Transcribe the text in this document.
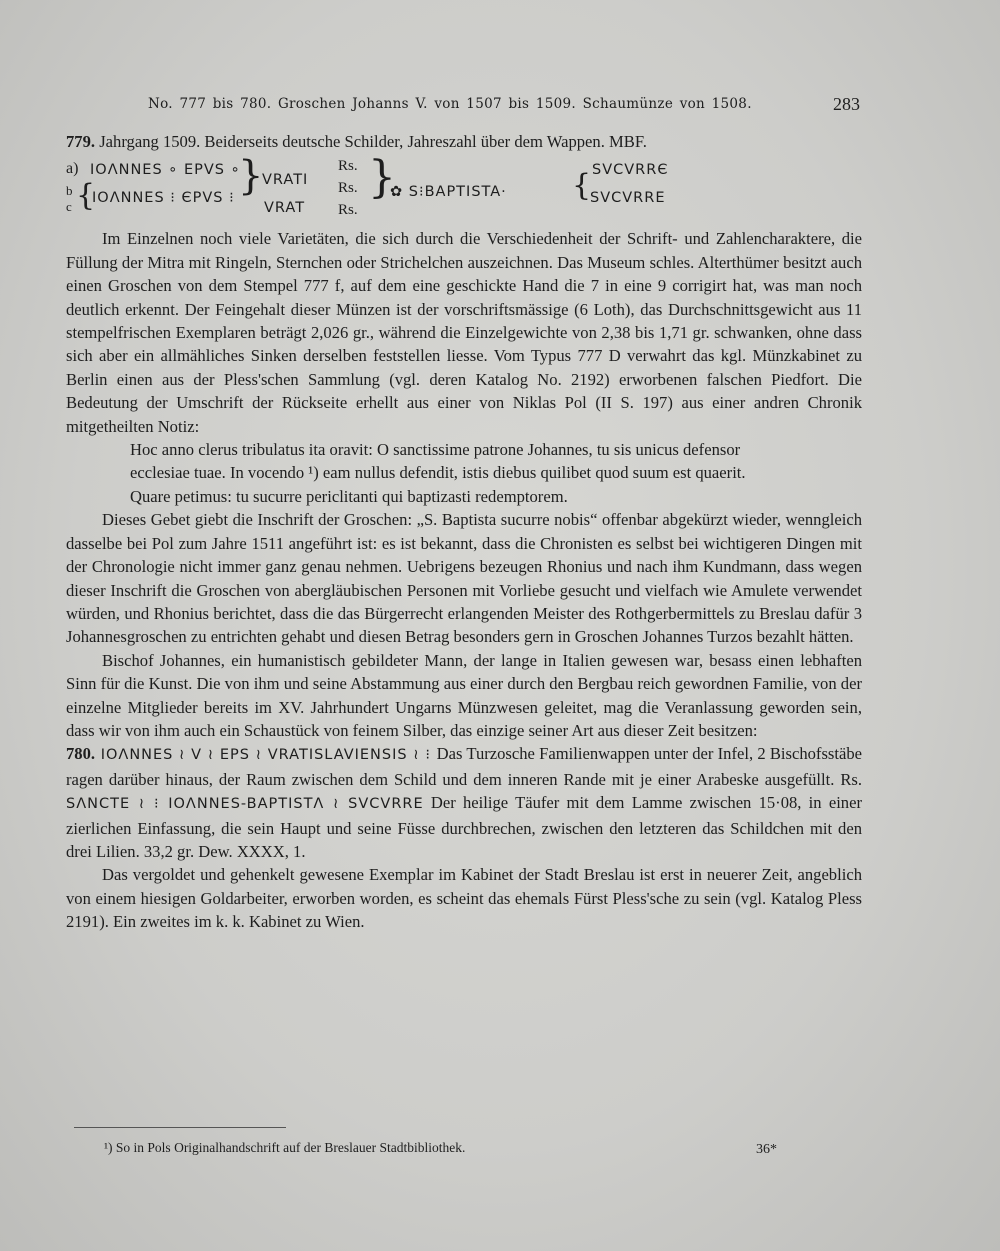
No. 777 bis 780. Groschen Johanns V. von 1507 bis 1509. Schaumünze von 1508.	283

779. Jahrgang 1509. Beiderseits deutsche Schilder, Jahreszahl über dem Wappen. MBF.

a)
b
c {
IOΛNNΕS ∘ ΕPVS ∘
IOΛNNES ⁝ ЄPVS ⁝ }
VRATI
VRAT
Rs.
Rs.
Rs.
}
✿ S⁝BAPTISTA· { SVCVRRЄ
SVCVRRE

Im Einzelnen noch viele Varietäten, die sich durch die Verschiedenheit der Schrift- und Zahlencharaktere, die Füllung der Mitra mit Ringeln, Sternchen oder Strichelchen auszeichnen. Das Museum schles. Alterthümer besitzt auch einen Groschen von dem Stempel 777 f, auf dem eine geschickte Hand die 7 in eine 9 corrigirt hat, was man noch deutlich erkennt. Der Feingehalt dieser Münzen ist der vorschriftsmässige (6 Loth), das Durchschnittsgewicht aus 11 stempelfrischen Exemplaren beträgt 2,026 gr., während die Einzelgewichte von 2,38 bis 1,71 gr. schwanken, ohne dass sich aber ein allmähliches Sinken derselben feststellen liesse. Vom Typus 777 D verwahrt das kgl. Münzkabinet zu Berlin einen aus der Pless'schen Sammlung (vgl. deren Katalog No. 2192) erworbenen falschen Piedfort. Die Bedeutung der Umschrift der Rückseite erhellt aus einer von Niklas Pol (II S. 197) aus einer andren Chronik mitgetheilten Notiz:

Hoc anno clerus tribulatus ita oravit: O sanctissime patrone Johannes, tu sis unicus defensor

ecclesiae tuae. In vocendo ¹) eam nullus defendit, istis diebus quilibet quod suum est quaerit.

Quare petimus: tu sucurre periclitanti qui baptizasti redemptorem.

Dieses Gebet giebt die Inschrift der Groschen: „S. Baptista sucurre nobis“ offenbar abgekürzt wieder, wenngleich dasselbe bei Pol zum Jahre 1511 angeführt ist: es ist bekannt, dass die Chronisten es selbst bei wichtigeren Dingen mit der Chronologie nicht immer ganz genau nehmen. Uebrigens bezeugen Rhonius und nach ihm Kundmann, dass wegen dieser Inschrift die Groschen von abergläubischen Personen mit Vorliebe gesucht und vielfach wie Amulete verwendet würden, und Rhonius berichtet, dass die das Bürgerrecht erlangenden Meister des Rothgerbermittels zu Breslau dafür 3 Johannesgroschen zu entrichten gehabt und diesen Betrag besonders gern in Groschen Johannes Turzos bezahlt hätten.

Bischof Johannes, ein humanistisch gebildeter Mann, der lange in Italien gewesen war, besass einen lebhaften Sinn für die Kunst. Die von ihm und seine Abstammung aus einer durch den Bergbau reich gewordnen Familie, von der einzelne Mitglieder bereits im XV. Jahrhundert Ungarns Münzwesen geleitet, mag die Veranlassung geworden sein, dass wir von ihm auch ein Schaustück von feinem Silber, das einzige seiner Art aus dieser Zeit besitzen:

780. IOΛNNES ≀ V ≀ EPS ≀ VRATISLAVIENSIS ≀ ⁝ Das Turzosche Familienwappen unter der Infel, 2 Bischofsstäbe ragen darüber hinaus, der Raum zwischen dem Schild und dem inneren Rande mit je einer Arabeske ausgefüllt. Rs. SΛNCTE ≀ ⁝ IOΛNNES-BAPTISTΛ ≀ SVCVRRE Der heilige Täufer mit dem Lamme zwischen 15·08, in einer zierlichen Einfassung, die sein Haupt und seine Füsse durchbrechen, zwischen den letzteren das Schildchen mit den drei Lilien. 33,2 gr. Dew. XXXX, 1.

Das vergoldet und gehenkelt gewesene Exemplar im Kabinet der Stadt Breslau ist erst in neuerer Zeit, angeblich von einem hiesigen Goldarbeiter, erworben worden, es scheint das ehemals Fürst Pless'sche zu sein (vgl. Katalog Pless 2191). Ein zweites im k. k. Kabinet zu Wien.

¹) So in Pols Originalhandschrift auf der Breslauer Stadtbibliothek.	36*
